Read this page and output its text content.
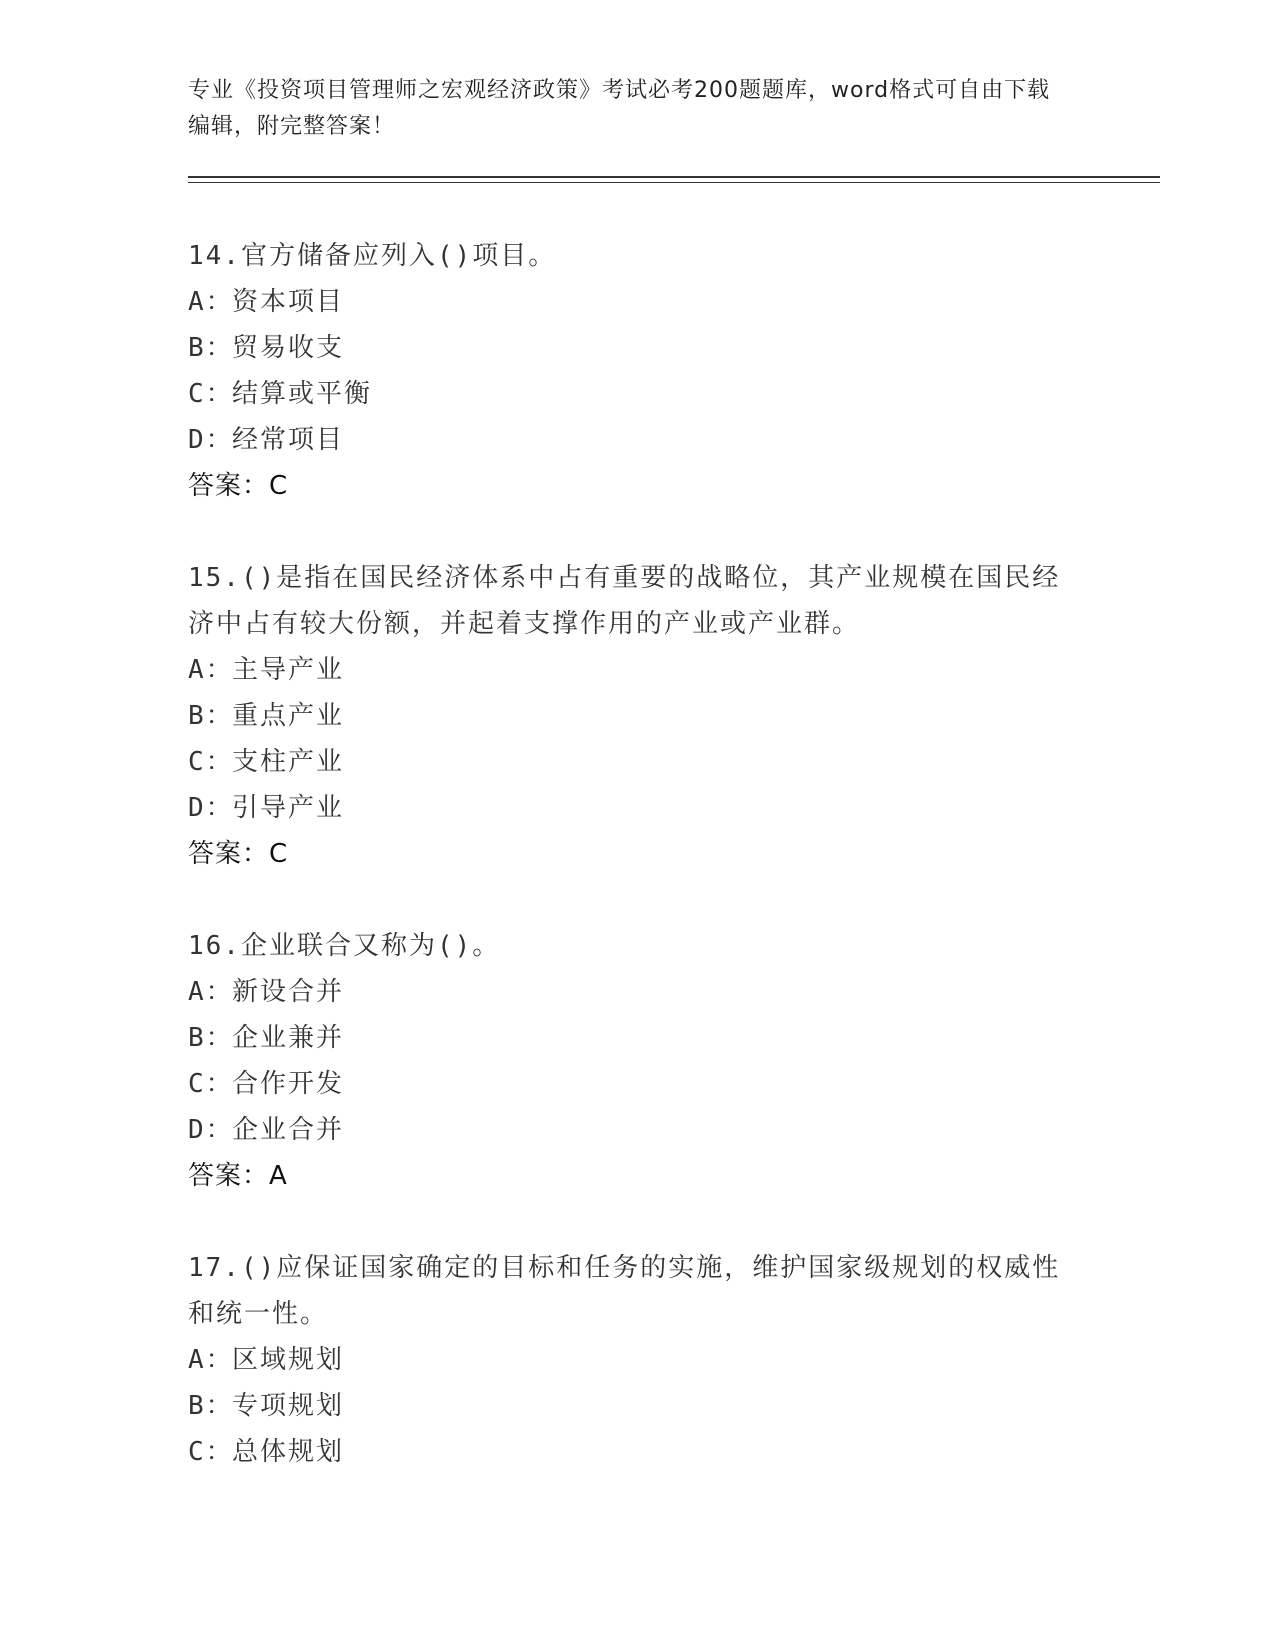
专业《投资项目管理师之宏观经济政策》考试必考200题题库，word格式可自由下载编辑，附完整答案！
14.官方储备应列入()项目。
A：资本项目
B：贸易收支
C：结算或平衡
D：经常项目
答案：C
15.()是指在国民经济体系中占有重要的战略位，其产业规模在国民经济中占有较大份额，并起着支撑作用的产业或产业群。
A：主导产业
B：重点产业
C：支柱产业
D：引导产业
答案：C
16.企业联合又称为()。
A：新设合并
B：企业兼并
C：合作开发
D：企业合并
答案：A
17.()应保证国家确定的目标和任务的实施，维护国家级规划的权威性和统一性。
A：区域规划
B：专项规划
C：总体规划
